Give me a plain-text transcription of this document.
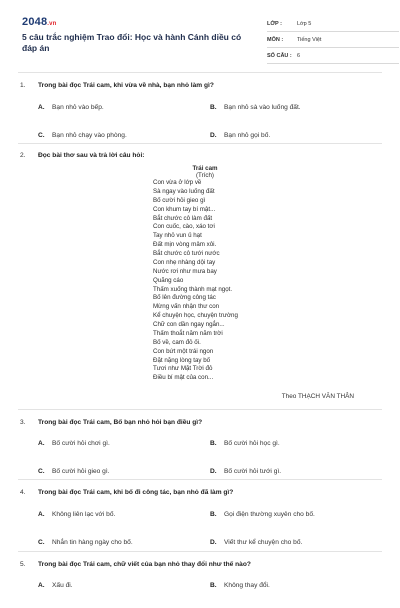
2048.vn
5 câu trắc nghiệm Trao đổi: Học và hành Cánh diều có đáp án
LỚP :	Lớp 5
MÔN :	Tiếng Việt
SỐ CÂU : 6
1.	Trong bài đọc Trái cam, khi vừa về nhà, bạn nhỏ làm gì?
A.	Bạn nhỏ vào bếp.	B.	Bạn nhỏ sà vào luống đất.
C.	Bạn nhỏ chạy vào phòng.	D.	Bạn nhỏ gọi bố.
2.	Đọc bài thơ sau và trả lời câu hỏi:
Trái cam
(Trích)
Con vừa ở lớp về
Sà ngay vào luống đất
Bố cười hỏi gieo gì
Con khum tay bí mật...
Bắt chước cô làm đất
Con cuốc, cào, xáo tơi
Tay nhỏ vun ủ hạt
Đất mịn vòng mâm xôi.
Bắt chước cô tưới nước
Con nhẹ nhàng dội tay
Nước rơi như mưa bay
Quãng cáo
Thấm xuống thành mạt ngọt.
Bố lên đường công tác
Mừng vấn nhận thư con
Kể chuyện học, chuyện trường
Chữ con dần ngay ngắn...
Thấm thoắt năm năm trời
Bố về, cam đỏ ối.
Con bứt một trái ngon
Đặt nặng lòng tay bố
Tươi như Mặt Trời đỏ
Điều bí mật của con...
Theo THẠCH VĂN THÂN
3.	Trong bài đọc Trái cam, Bố bạn nhỏ hỏi bạn điều gì?
A.	Bố cười hỏi chơi gì.	B.	Bố cười hỏi học gì.
C.	Bố cười hỏi gieo gì.	D.	Bố cười hỏi tưới gì.
4.	Trong bài đọc Trái cam, khi bố đi công tác, bạn nhỏ đã làm gì?
A.	Không liên lạc với bố.	B.	Gọi điện thường xuyên cho bố.
C.	Nhắn tin hàng ngày cho bố.	D.	Viết thư kể chuyện cho bố.
5.	Trong bài đọc Trái cam, chữ viết của bạn nhỏ thay đổi như thế nào?
A.	Xấu đi.	B.	Không thay đổi.
